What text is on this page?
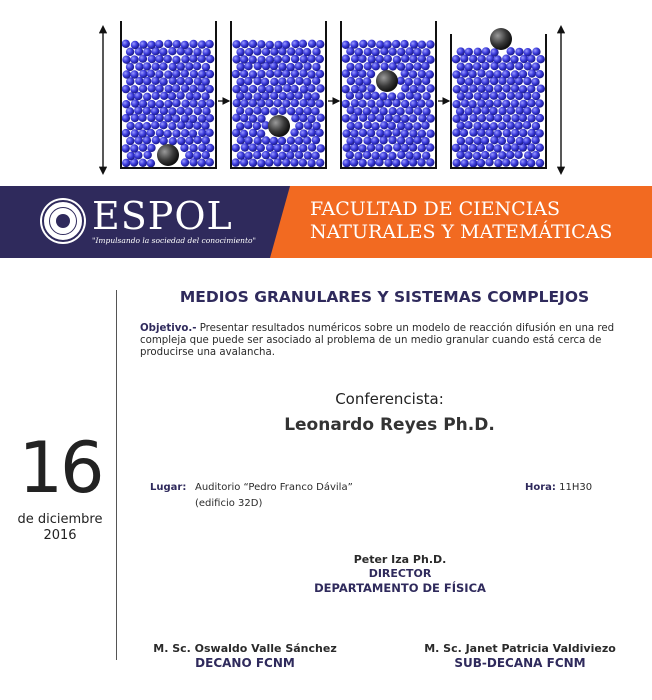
ESPOL
"Impulsando la sociedad del conocimiento"
FACULTAD DE CIENCIAS
NATURALES Y MATEMÁTICAS
16
de diciembre
2016
MEDIOS GRANULARES Y SISTEMAS COMPLEJOS
Objetivo.- Presentar resultados numéricos sobre un modelo de reacción difusión en una red compleja que puede ser asociado al problema de un medio granular cuando está cerca de producirse una avalancha.
Conferencista:
Leonardo Reyes Ph.D.
Lugar: Auditorio “Pedro Franco Dávila”
(edificio 32D)
Hora: 11H30
Peter Iza Ph.D.
DIRECTOR
DEPARTAMENTO DE FÍSICA
M. Sc. Oswaldo Valle Sánchez
DECANO FCNM
M. Sc. Janet Patricia Valdiviezo
SUB-DECANA FCNM
